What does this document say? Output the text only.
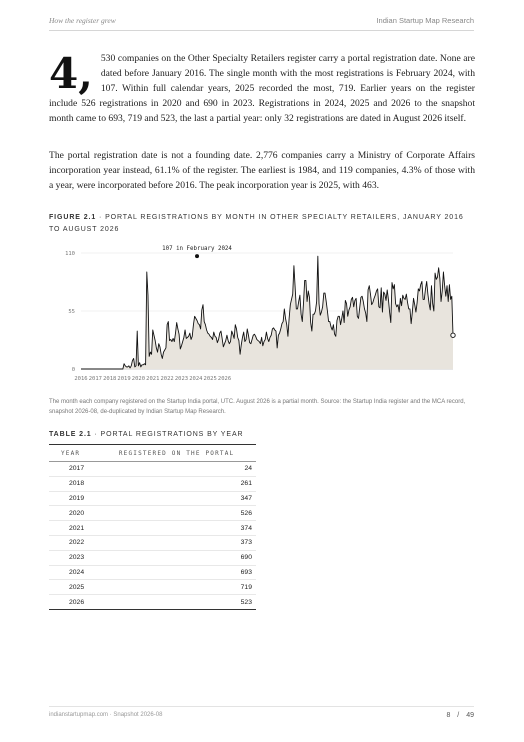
How the register grew	Indian Startup Map Research
4, 530 companies on the Other Specialty Retailers register carry a portal registration date. None are dated before January 2016. The single month with the most registrations is February 2024, with 107. Within full calendar years, 2025 recorded the most, 719. Earlier years on the register include 526 registrations in 2020 and 690 in 2023. Registrations in 2024, 2025 and 2026 to the snapshot month came to 693, 719 and 523, the last a partial year: only 32 registrations are dated in August 2026 itself.

The portal registration date is not a founding date. 2,776 companies carry a Ministry of Corporate Affairs incorporation year instead, 61.1% of the register. The earliest is 1984, and 119 companies, 4.3% of those with a year, were incorporated before 2016. The peak incorporation year is 2025, with 463.

FIGURE 2.1 · PORTAL REGISTRATIONS BY MONTH IN OTHER SPECIALTY RETAILERS, JANUARY 2016 TO AUGUST 2026
0
55
110
2016 2017 2018 2019 2020 2021 2022 2023 2024 2025 2026
107 in February 2024
The month each company registered on the Startup India portal, UTC. August 2026 is a partial month. Source: the Startup India register and the MCA record, snapshot 2026-08, de-duplicated by Indian Startup Map Research.
TABLE 2.1 · PORTAL REGISTRATIONS BY YEAR
YEAR	REGISTERED ON THE PORTAL
2017	24
2018	261
2019	347
2020	526
2021	374
2022	373
2023	690
2024	693
2025	719
2026	523
indianstartupmap.com · Snapshot 2026-08	8 / 49
